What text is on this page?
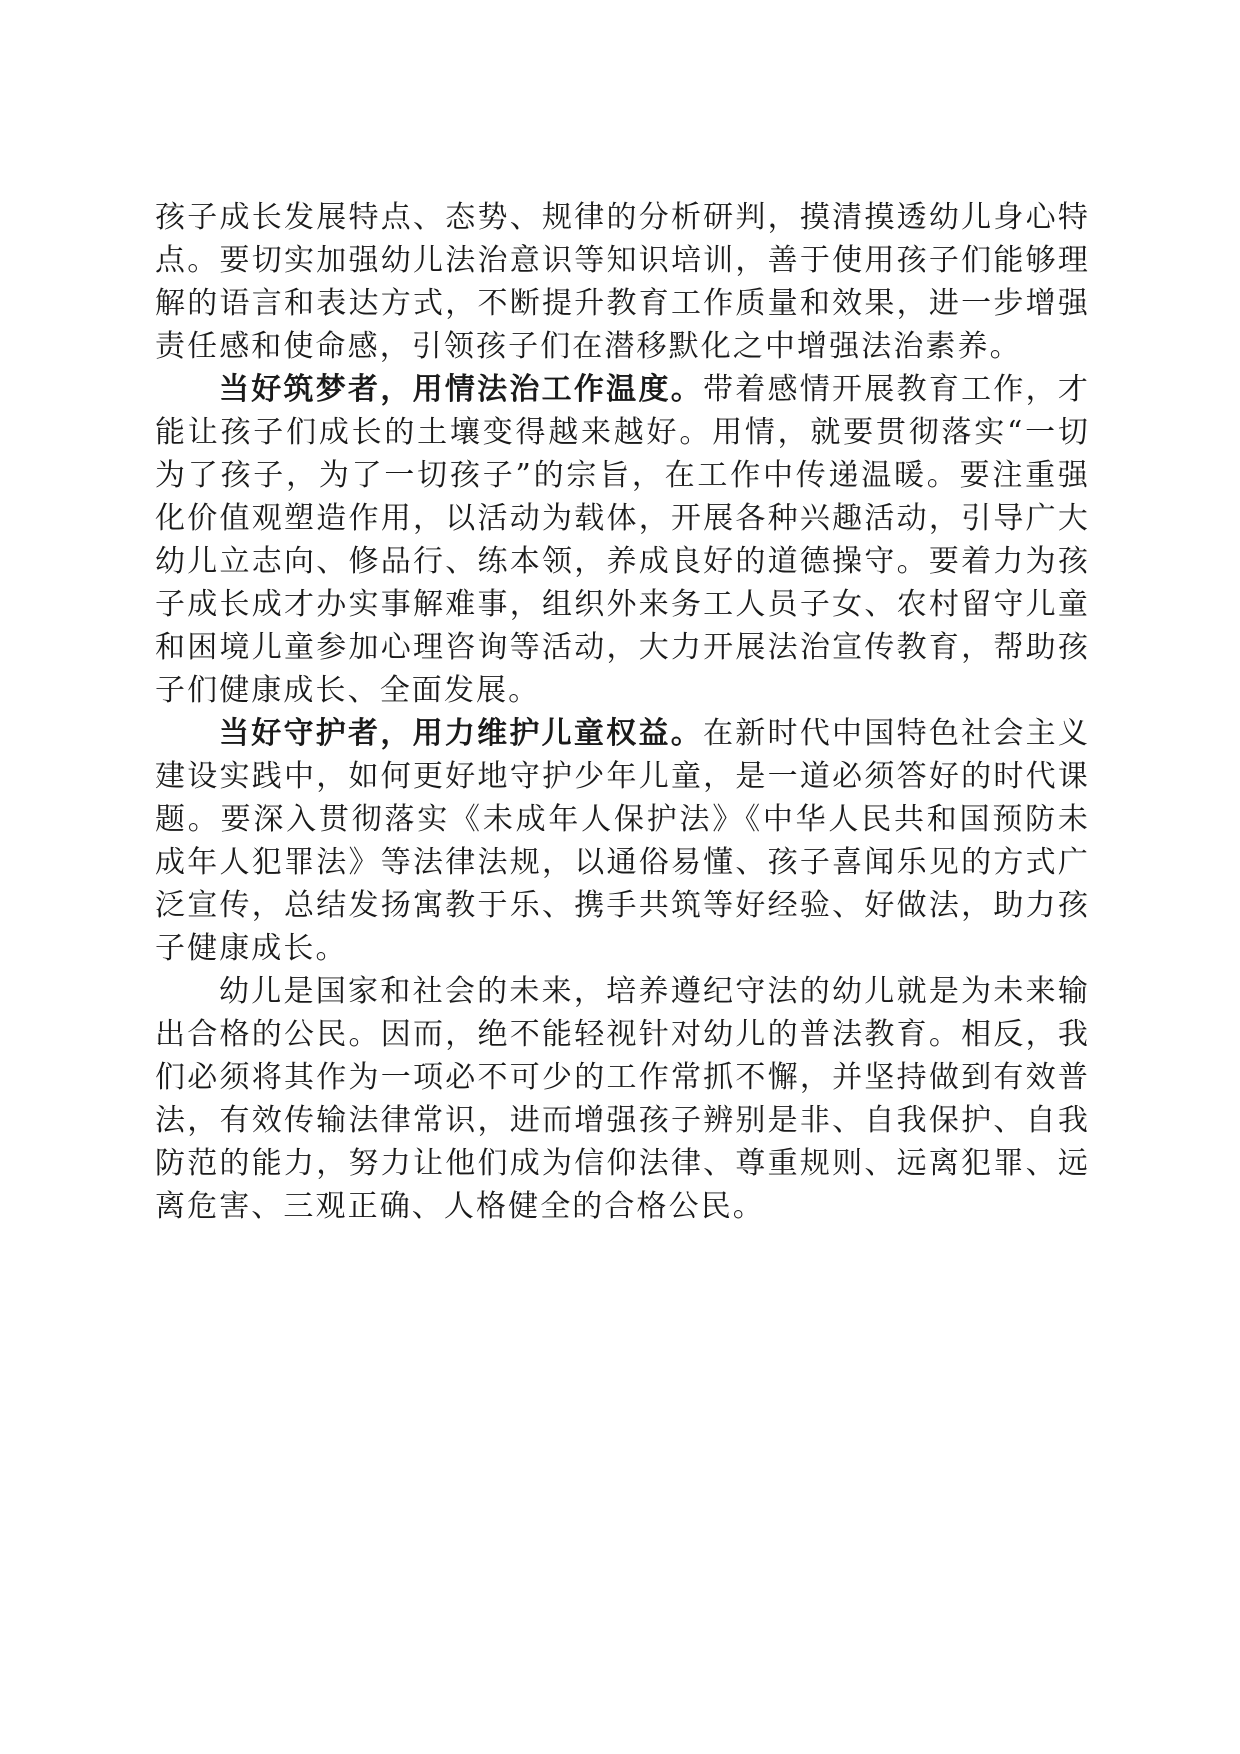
孩子成长发展特点、态势、规律的分析研判，摸清摸透幼儿身心特点。要切实加强幼儿法治意识等知识培训，善于使用孩子们能够理解的语言和表达方式，不断提升教育工作质量和效果，进一步增强责任感和使命感，引领孩子们在潜移默化之中增强法治素养。

当好筑梦者，用情法治工作温度。带着感情开展教育工作，才能让孩子们成长的土壤变得越来越好。用情，就要贯彻落实“一切为了孩子，为了一切孩子”的宗旨，在工作中传递温暖。要注重强化价值观塑造作用，以活动为载体，开展各种兴趣活动，引导广大幼儿立志向、修品行、练本领，养成良好的道德操守。要着力为孩子成长成才办实事解难事，组织外来务工人员子女、农村留守儿童和困境儿童参加心理咨询等活动，大力开展法治宣传教育，帮助孩子们健康成长、全面发展。

当好守护者，用力维护儿童权益。在新时代中国特色社会主义建设实践中，如何更好地守护少年儿童，是一道必须答好的时代课题。要深入贯彻落实《未成年人保护法》《中华人民共和国预防未成年人犯罪法》等法律法规，以通俗易懂、孩子喜闻乐见的方式广泛宣传，总结发扬寓教于乐、携手共筑等好经验、好做法，助力孩子健康成长。

幼儿是国家和社会的未来，培养遵纪守法的幼儿就是为未来输出合格的公民。因而，绝不能轻视针对幼儿的普法教育。相反，我们必须将其作为一项必不可少的工作常抓不懈，并坚持做到有效普法，有效传输法律常识，进而增强孩子辨别是非、自我保护、自我防范的能力，努力让他们成为信仰法律、尊重规则、远离犯罪、远离危害、三观正确、人格健全的合格公民。
